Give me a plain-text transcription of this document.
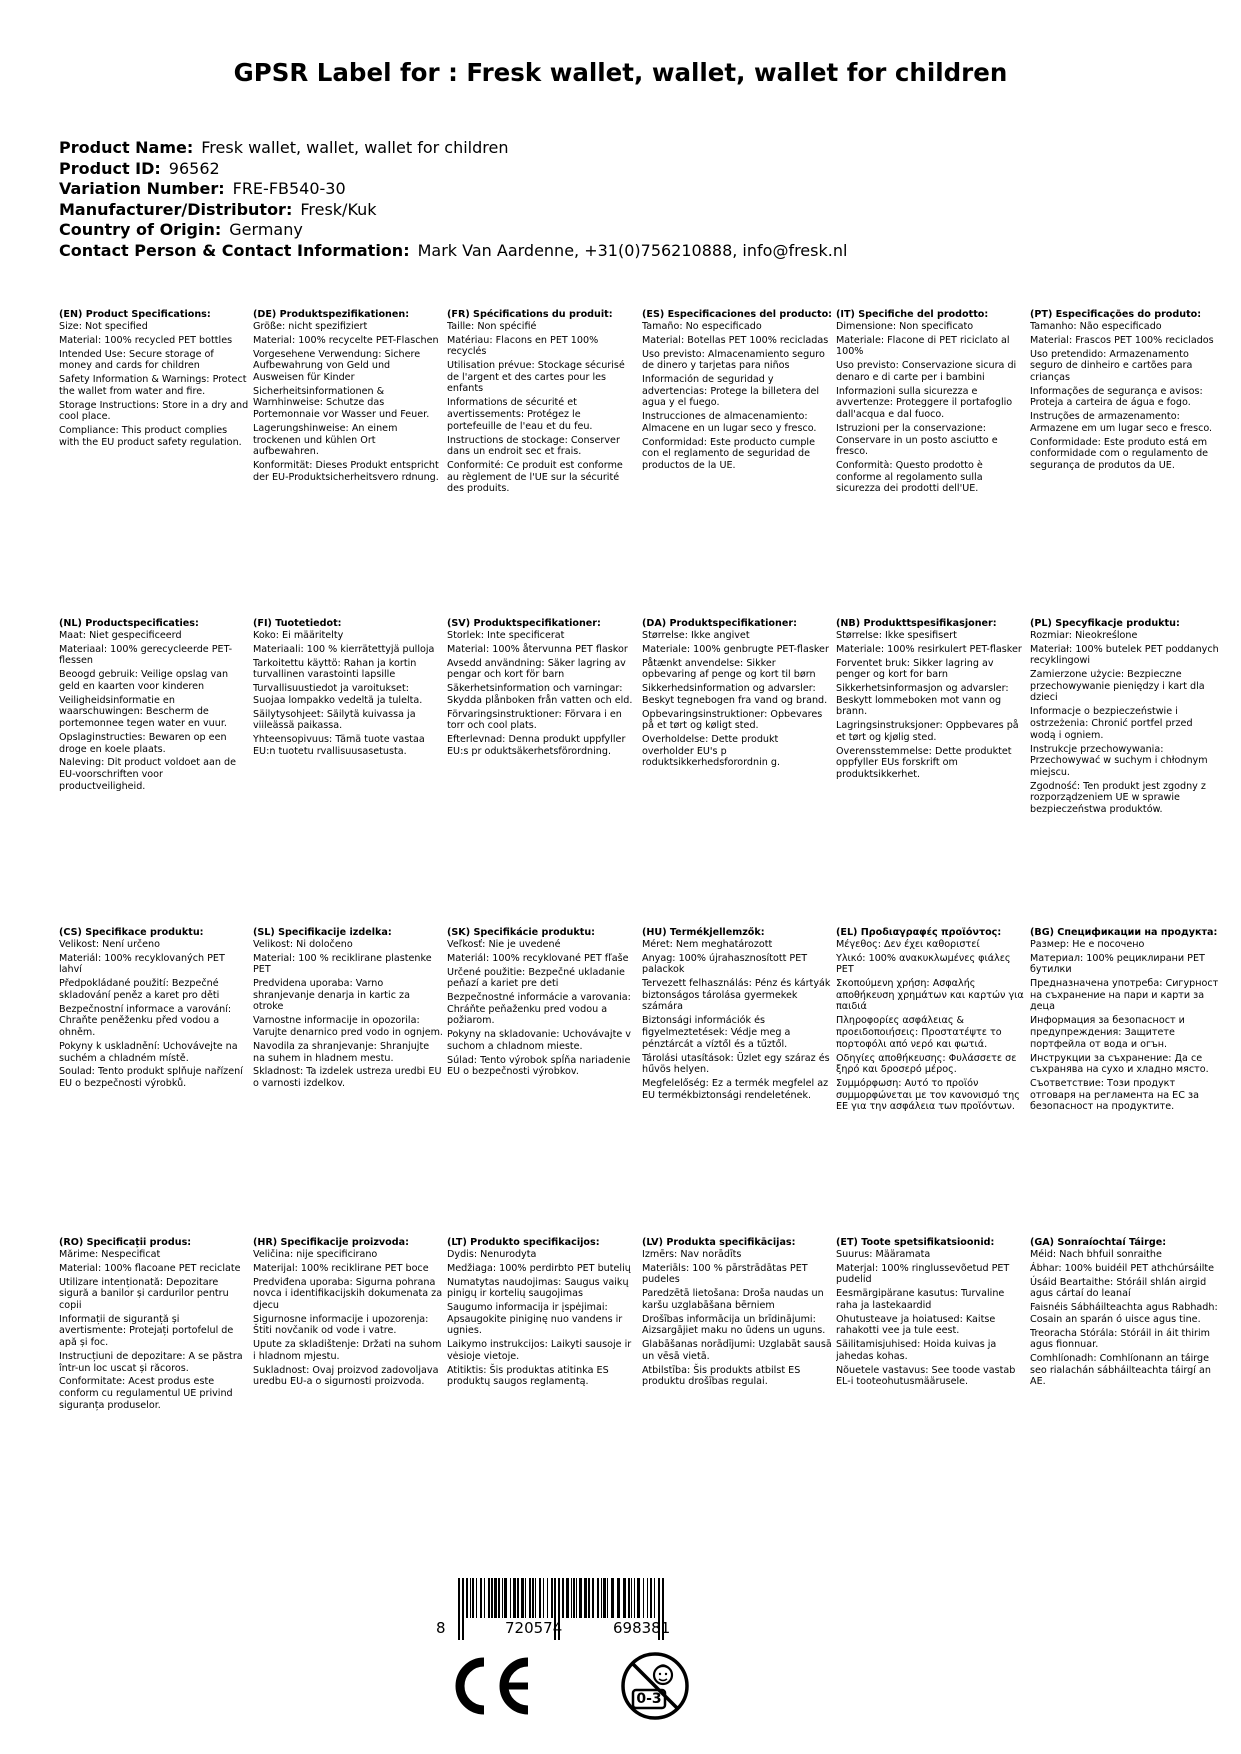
GPSR Label for : Fresk wallet, wallet, wallet for children
Product Name: Fresk wallet, wallet, wallet for children
Product ID: 96562
Variation Number: FRE-FB540-30
Manufacturer/Distributor: Fresk/Kuk
Country of Origin: Germany
Contact Person & Contact Information: Mark Van Aardenne, +31(0)756210888, info@fresk.nl
(EN) Product Specifications:
Size: Not specified
Material: 100% recycled PET bottles
Intended Use: Secure storage of money and cards for children
Safety Information & Warnings: Protect the wallet from water and fire.
Storage Instructions: Store in a dry and cool place.
Compliance: This product complies with the EU product safety regulation.
(DE) Produktspezifikationen:
Größe: nicht spezifiziert
Material: 100% recycelte PET-Flaschen
Vorgesehene Verwendung: Sichere Aufbewahrung von Geld und Ausweisen für Kinder
Sicherheitsinformationen & Warnhinweise: Schutze das Portemonnaie vor Wasser und Feuer.
Lagerungshinweise: An einem trockenen und kühlen Ort aufbewahren.
Konformität: Dieses Produkt entspricht der EU-Produktsicherheitsvero rdnung.
(FR) Spécifications du produit:
Taille: Non spécifié
Matériau: Flacons en PET 100% recyclés
Utilisation prévue: Stockage sécurisé de l'argent et des cartes pour les enfants
Informations de sécurité et avertissements: Protégez le portefeuille de l'eau et du feu.
Instructions de stockage: Conserver dans un endroit sec et frais.
Conformité: Ce produit est conforme au règlement de l'UE sur la sécurité des produits.
(ES) Especificaciones del producto:
Tamaño: No especificado
Material: Botellas PET 100% recicladas
Uso previsto: Almacenamiento seguro de dinero y tarjetas para niños
Información de seguridad y advertencias: Protege la billetera del agua y el fuego.
Instrucciones de almacenamiento: Almacene en un lugar seco y fresco.
Conformidad: Este producto cumple con el reglamento de seguridad de productos de la UE.
(IT) Specifiche del prodotto:
Dimensione: Non specificato
Materiale: Flacone di PET riciclato al 100%
Uso previsto: Conservazione sicura di denaro e di carte per i bambini
Informazioni sulla sicurezza e avvertenze: Proteggere il portafoglio dall'acqua e dal fuoco.
Istruzioni per la conservazione: Conservare in un posto asciutto e fresco.
Conformità: Questo prodotto è conforme al regolamento sulla sicurezza dei prodotti dell'UE.
(PT) Especificações do produto:
Tamanho: Não especificado
Material: Frascos PET 100% reciclados
Uso pretendido: Armazenamento seguro de dinheiro e cartões para crianças
Informações de segurança e avisos: Proteja a carteira de água e fogo.
Instruções de armazenamento: Armazene em um lugar seco e fresco.
Conformidade: Este produto está em conformidade com o regulamento de segurança de produtos da UE.
(NL) Productspecificaties:
Maat: Niet gespecificeerd
Materiaal: 100% gerecycleerde PET-flessen
Beoogd gebruik: Veilige opslag van geld en kaarten voor kinderen
Veiligheidsinformatie en waarschuwingen: Bescherm de portemonnee tegen water en vuur.
Opslaginstructies: Bewaren op een droge en koele plaats.
Naleving: Dit product voldoet aan de EU-voorschriften voor productveiligheid.
(FI) Tuotetiedot:
Koko: Ei määritelty
Materiaali: 100 % kierrätettyjä pulloja
Tarkoitettu käyttö: Rahan ja kortin turvallinen varastointi lapsille
Turvallisuustiedot ja varoitukset: Suojaa lompakko vedeltä ja tulelta.
Säilytysohjeet: Säilytä kuivassa ja viileässä paikassa.
Yhteensopivuus: Tämä tuote vastaa EU:n tuotetu rvallisuusasetusta.
(SV) Produktspecifikationer:
Storlek: Inte specificerat
Material: 100% återvunna PET flaskor
Avsedd användning: Säker lagring av pengar och kort för barn
Säkerhetsinformation och varningar: Skydda plånboken från vatten och eld.
Förvaringsinstruktioner: Förvara i en torr och cool plats.
Efterlevnad: Denna produkt uppfyller EU:s pr oduktsäkerhetsförordning.
(DA) Produktspecifikationer:
Størrelse: Ikke angivet
Materiale: 100% genbrugte PET-flasker
Påtænkt anvendelse: Sikker opbevaring af penge og kort til børn
Sikkerhedsinformation og advarsler: Beskyt tegnebogen fra vand og brand.
Opbevaringsinstruktioner: Opbevares på et tørt og køligt sted.
Overholdelse: Dette produkt overholder EU's p roduktsikkerhedsforordnin g.
(NB) Produkttspesifikasjoner:
Størrelse: Ikke spesifisert
Materiale: 100% resirkulert PET-flasker
Forventet bruk: Sikker lagring av penger og kort for barn
Sikkerhetsinformasjon og advarsler: Beskytt lommeboken mot vann og brann.
Lagringsinstruksjoner: Oppbevares på et tørt og kjølig sted.
Overensstemmelse: Dette produktet oppfyller EUs forskrift om produktsikkerhet.
(PL) Specyfikacje produktu:
Rozmiar: Nieokreślone
Materiał: 100% butelek PET poddanych recyklingowi
Zamierzone użycie: Bezpieczne przechowywanie pieniędzy i kart dla dzieci
Informacje o bezpieczeństwie i ostrzeżenia: Chronić portfel przed wodą i ogniem.
Instrukcje przechowywania: Przechowywać w suchym i chłodnym miejscu.
Zgodność: Ten produkt jest zgodny z rozporządzeniem UE w sprawie bezpieczeństwa produktów.
(CS) Specifikace produktu:
Velikost: Není určeno
Materiál: 100% recyklovaných PET lahví
Předpokládané použití: Bezpečné skladování peněz a karet pro děti
Bezpečnostní informace a varování: Chraňte peněženku před vodou a ohněm.
Pokyny k uskladnění: Uchovávejte na suchém a chladném místě.
Soulad: Tento produkt splňuje nařízení EU o bezpečnosti výrobků.
(SL) Specifikacije izdelka:
Velikost: Ni določeno
Material: 100 % reciklirane plastenke PET
Predvidena uporaba: Varno shranjevanje denarja in kartic za otroke
Varnostne informacije in opozorila: Varujte denarnico pred vodo in ognjem.
Navodila za shranjevanje: Shranjujte na suhem in hladnem mestu.
Skladnost: Ta izdelek ustreza uredbi EU o varnosti izdelkov.
(SK) Špecifikácie produktu:
Veľkosť: Nie je uvedené
Materiál: 100% recyklované PET fľaše
Určené použitie: Bezpečné ukladanie peňazí a kariet pre deti
Bezpečnostné informácie a varovania: Chráňte peňaženku pred vodou a požiarom.
Pokyny na skladovanie: Uchovávajte v suchom a chladnom mieste.
Súlad: Tento výrobok spĺňa nariadenie EU o bezpečnosti výrobkov.
(HU) Termékjellemzők:
Méret: Nem meghatározott
Anyag: 100% újrahasznosított PET palackok
Tervezett felhasználás: Pénz és kártyák biztonságos tárolása gyermekek számára
Biztonsági információk és figyelmeztetések: Védje meg a pénztárcát a víztől és a tűztől.
Tárolási utasítások: Üzlet egy száraz és hűvös helyen.
Megfelelőség: Ez a termék megfelel az EU termékbiztonsági rendeletének.
(EL) Προδιαγραφές προϊόντος:
Μέγεθος: Δεν έχει καθοριστεί
Υλικό: 100% ανακυκλωμένες φιάλες PET
Σκοπούμενη χρήση: Ασφαλής αποθήκευση χρημάτων και καρτών για παιδιά
Πληροφορίες ασφάλειας & προειδοποιήσεις: Προστατέψτε το πορτοφόλι από νερό και φωτιά.
Οδηγίες αποθήκευσης: Φυλάσσετε σε ξηρό και δροσερό μέρος.
Συμμόρφωση: Αυτό το προϊόν συμμορφώνεται με τον κανονισμό της ΕΕ για την ασφάλεια των προϊόντων.
(BG) Спецификации на продукта:
Размер: Не е посочено
Материал: 100% рециклирани PET бутилки
Предназначена употреба: Сигурност на съхранение на пари и карти за деца
Информация за безопасност и предупреждения: Защитете портфейла от вода и огън.
Инструкции за съхранение: Да се съхранява на сухо и хладно място.
Съответствие: Този продукт отговаря на регламента на ЕС за безопасност на продуктите.
(RO) Specificații produs:
Mărime: Nespecificat
Material: 100% flacoane PET reciclate
Utilizare intenționată: Depozitare sigură a banilor și cardurilor pentru copii
Informații de siguranță și avertismente: Protejați portofelul de apă și foc.
Instrucțiuni de depozitare: A se păstra într-un loc uscat și răcoros.
Conformitate: Acest produs este conform cu regulamentul UE privind siguranța produselor.
(HR) Specifikacije proizvoda:
Veličina: nije specificirano
Materijal: 100% reciklirane PET boce
Predviđena uporaba: Sigurna pohrana novca i identifikacijskih dokumenata za djecu
Sigurnosne informacije i upozorenja: Štiti novčanik od vode i vatre.
Upute za skladištenje: Držati na suhom i hladnom mjestu.
Sukladnost: Ovaj proizvod zadovoljava uredbu EU-a o sigurnosti proizvoda.
(LT) Produkto specifikacijos:
Dydis: Nenurodyta
Medžiaga: 100% perdirbto PET butelių
Numatytas naudojimas: Saugus vaikų pinigų ir kortelių saugojimas
Saugumo informacija ir įspėjimai: Apsaugokite piniginę nuo vandens ir ugnies.
Laikymo instrukcijos: Laikyti sausoje ir vėsioje vietoje.
Atitiktis: Šis produktas atitinka ES produktų saugos reglamentą.
(LV) Produkta specifikācijas:
Izmērs: Nav norādīts
Materiāls: 100 % pārstrādātas PET pudeles
Paredzētā lietošana: Droša naudas un karšu uzglabāšana bērniem
Drošības informācija un brīdinājumi: Aizsargājiet maku no ūdens un uguns.
Glabāšanas norādījumi: Uzglabāt sausā un vēsā vietā.
Atbilstība: Šis produkts atbilst ES produktu drošības regulai.
(ET) Toote spetsifikatsioonid:
Suurus: Määramata
Materjal: 100% ringlussevõetud PET pudelid
Eesmärgipärane kasutus: Turvaline raha ja lastekaardid
Ohutusteave ja hoiatused: Kaitse rahakotti vee ja tule eest.
Säilitamisjuhised: Hoida kuivas ja jahedas kohas.
Nõuetele vastavus: See toode vastab EL-i tooteohutusmäärusele.
(GA) Sonraíochtaí Táirge:
Méid: Nach bhfuil sonraithe
Ábhar: 100% buidéil PET athchúrsáilte
Úsáid Beartaithe: Stóráil shlán airgid agus cártaí do leanaí
Faisnéis Sábháilteachta agus Rabhadh: Cosain an sparán ó uisce agus tine.
Treoracha Stórála: Stóráil in áit thirim agus fionnuar.
Comhlíonadh: Comhlíonann an táirge seo rialachán sábháilteachta táirgí an AE.
8	720574	698381
0-3
